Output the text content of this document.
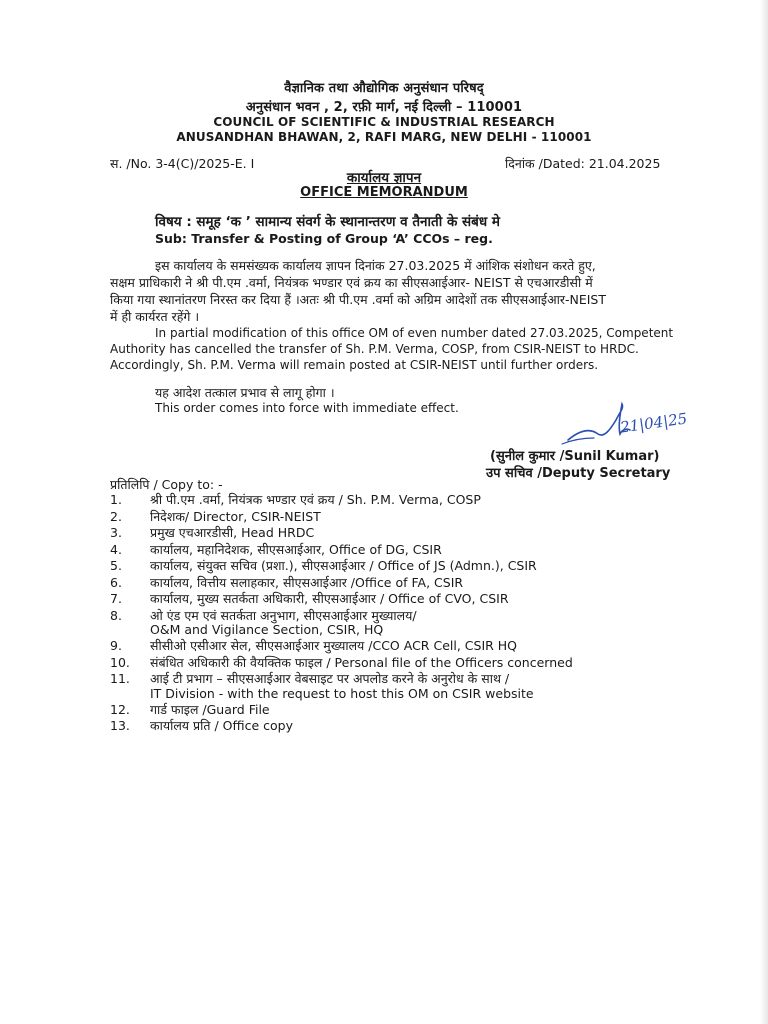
वैज्ञानिक तथा औद्योगिक अनुसंधान परिषद्
अनुसंधान भवन , 2, रफ़ी मार्ग, नई दिल्ली – 110001
COUNCIL OF SCIENTIFIC & INDUSTRIAL RESEARCH
ANUSANDHAN BHAWAN, 2, RAFI MARG, NEW DELHI - 110001
स. /No. 3-4(C)/2025-E. I	दिनांक /Dated: 21.04.2025
कार्यालय ज्ञापन
OFFICE MEMORANDUM
विषय : समूह ‘क ’ सामान्य संवर्ग के स्थानान्तरण व तैनाती के संबंध मे
Sub: Transfer & Posting of Group ‘A’ CCOs – reg.
इस कार्यालय के समसंख्यक कार्यालय ज्ञापन दिनांक 27.03.2025 में आंशिक संशोधन करते हुए,
सक्षम प्राधिकारी ने श्री पी.एम .वर्मा, नियंत्रक भण्डार एवं क्रय का सीएसआईआर- NEIST से एचआरडीसी में
किया गया स्थानांतरण निरस्त कर दिया हैं ।अतः श्री पी.एम .वर्मा को अग्रिम आदेशों तक सीएसआईआर-NEIST
में ही कार्यरत रहेंगे ।
In partial modification of this office OM of even number dated 27.03.2025, Competent
Authority has cancelled the transfer of Sh. P.M. Verma, COSP, from CSIR-NEIST to HRDC.
Accordingly, Sh. P.M. Verma will remain posted at CSIR-NEIST until further orders.
यह आदेश तत्काल प्रभाव से लागू होगा ।
This order comes into force with immediate effect.
21|04|25
(सुनील कुमार /Sunil Kumar)
उप सचिव /Deputy Secretary
प्रतिलिपि / Copy to: -
1. श्री पी.एम .वर्मा, नियंत्रक भण्डार एवं क्रय / Sh. P.M. Verma, COSP
2. निदेशक/ Director, CSIR-NEIST
3. प्रमुख एचआरडीसी, Head HRDC
4. कार्यालय, महानिदेशक, सीएसआईआर, Office of DG, CSIR
5. कार्यालय, संयुक्त सचिव (प्रशा.), सीएसआईआर / Office of JS (Admn.), CSIR
6. कार्यालय, वित्तीय सलाहकार, सीएसआईआर /Office of FA, CSIR
7. कार्यालय, मुख्य सतर्कता अधिकारी, सीएसआईआर / Office of CVO, CSIR
8. ओ एंड एम एवं सतर्कता अनुभाग, सीएसआईआर मुख्यालय/
O&M and Vigilance Section, CSIR, HQ
9. सीसीओ एसीआर सेल, सीएसआईआर मुख्यालय /CCO ACR Cell, CSIR HQ
10. संबंधित अधिकारी की वैयक्तिक फाइल / Personal file of the Officers concerned
11. आई टी प्रभाग – सीएसआईआर वेबसाइट पर अपलोड करने के अनुरोध के साथ /
IT Division - with the request to host this OM on CSIR website
12. गार्ड फाइल /Guard File
13. कार्यालय प्रति / Office copy
